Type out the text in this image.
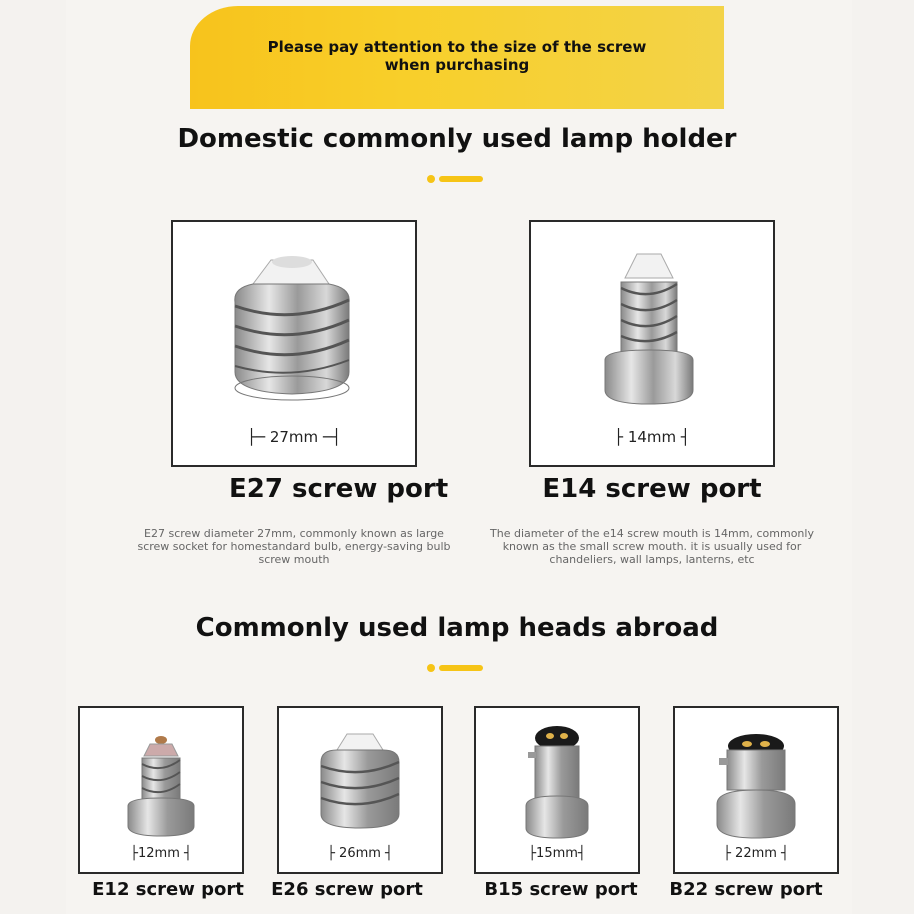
Please pay attention to the size of the screw when purchasing
Domestic commonly used lamp holder
├─ 27mm ─┤
E27 screw port
E27 screw diameter 27mm, commonly known as large screw socket for homestandard bulb, energy-saving bulb screw mouth
├ 14mm ┤
E14 screw port
The diameter of the e14 screw mouth is 14mm, commonly known as the small screw mouth. it is usually used for chandeliers, wall lamps, lanterns, etc
Commonly used lamp heads abroad
├12mm ┤
E12 screw port
├ 26mm ┤
E26 screw port
├15mm┤
B15 screw port
├ 22mm ┤
B22 screw port
